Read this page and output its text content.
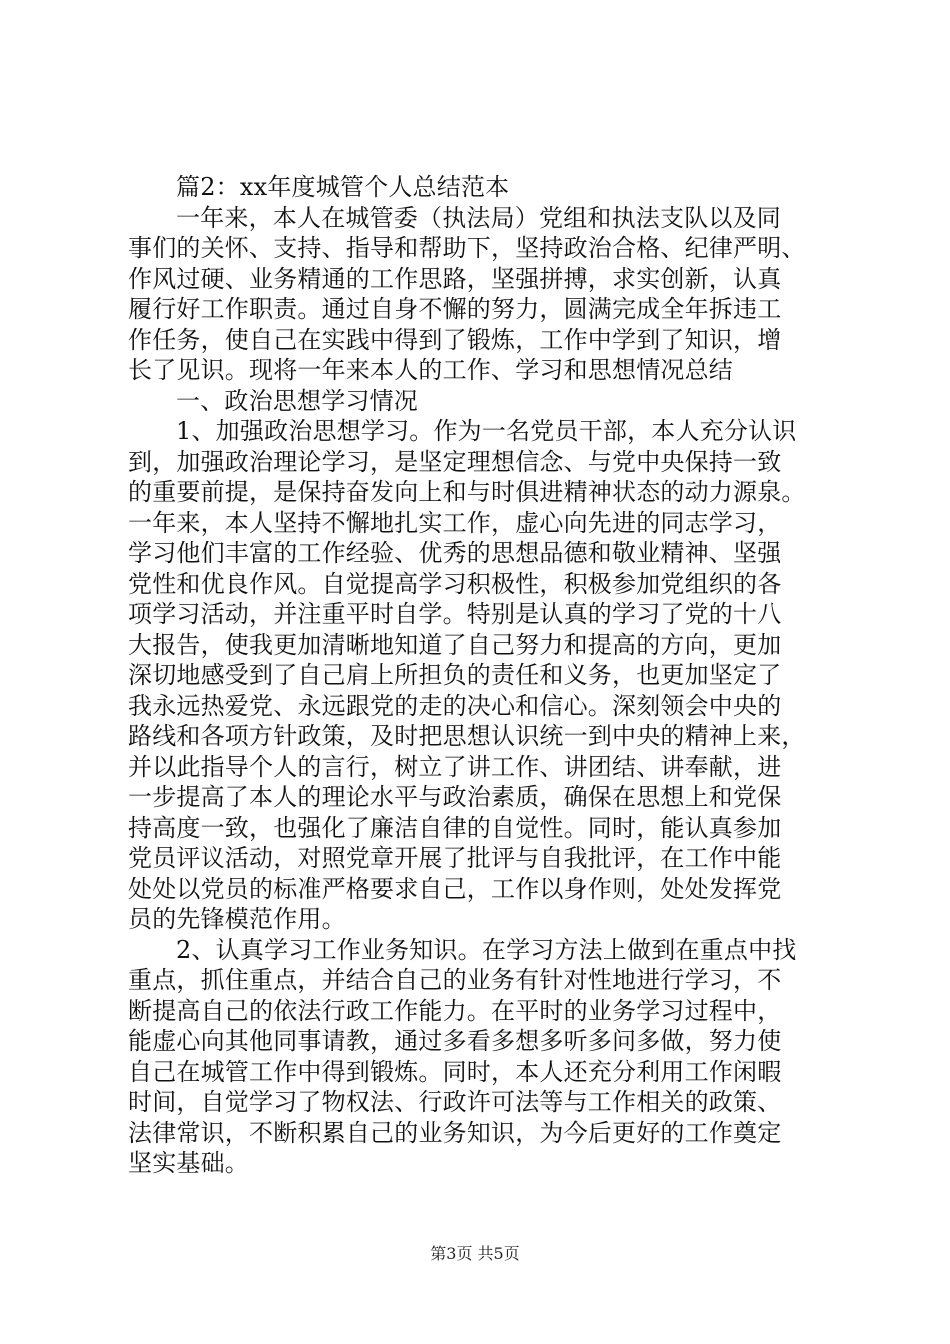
篇2：xx年度城管个人总结范本
一年来，本人在城管委（执法局）党组和执法支队以及同
事们的关怀、支持、指导和帮助下，坚持政治合格、纪律严明、
作风过硬、业务精通的工作思路，坚强拼搏，求实创新，认真
履行好工作职责。通过自身不懈的努力，圆满完成全年拆违工
作任务，使自己在实践中得到了锻炼，工作中学到了知识，增
长了见识。现将一年来本人的工作、学习和思想情况总结
一、政治思想学习情况
1、加强政治思想学习。作为一名党员干部，本人充分认识
到，加强政治理论学习，是坚定理想信念、与党中央保持一致
的重要前提，是保持奋发向上和与时俱进精神状态的动力源泉。
一年来，本人坚持不懈地扎实工作，虚心向先进的同志学习，
学习他们丰富的工作经验、优秀的思想品德和敬业精神、坚强
党性和优良作风。自觉提高学习积极性，积极参加党组织的各
项学习活动，并注重平时自学。特别是认真的学习了党的十八
大报告，使我更加清晰地知道了自己努力和提高的方向，更加
深切地感受到了自己肩上所担负的责任和义务，也更加坚定了
我永远热爱党、永远跟党的走的决心和信心。深刻领会中央的
路线和各项方针政策，及时把思想认识统一到中央的精神上来，
并以此指导个人的言行，树立了讲工作、讲团结、讲奉献，进
一步提高了本人的理论水平与政治素质，确保在思想上和党保
持高度一致，也强化了廉洁自律的自觉性。同时，能认真参加
党员评议活动，对照党章开展了批评与自我批评，在工作中能
处处以党员的标准严格要求自己，工作以身作则，处处发挥党
员的先锋模范作用。
2、认真学习工作业务知识。在学习方法上做到在重点中找
重点，抓住重点，并结合自己的业务有针对性地进行学习，不
断提高自己的依法行政工作能力。在平时的业务学习过程中，
能虚心向其他同事请教，通过多看多想多听多问多做，努力使
自己在城管工作中得到锻炼。同时，本人还充分利用工作闲暇
时间，自觉学习了物权法、行政许可法等与工作相关的政策、
法律常识，不断积累自己的业务知识，为今后更好的工作奠定
坚实基础。
第3页 共5页
